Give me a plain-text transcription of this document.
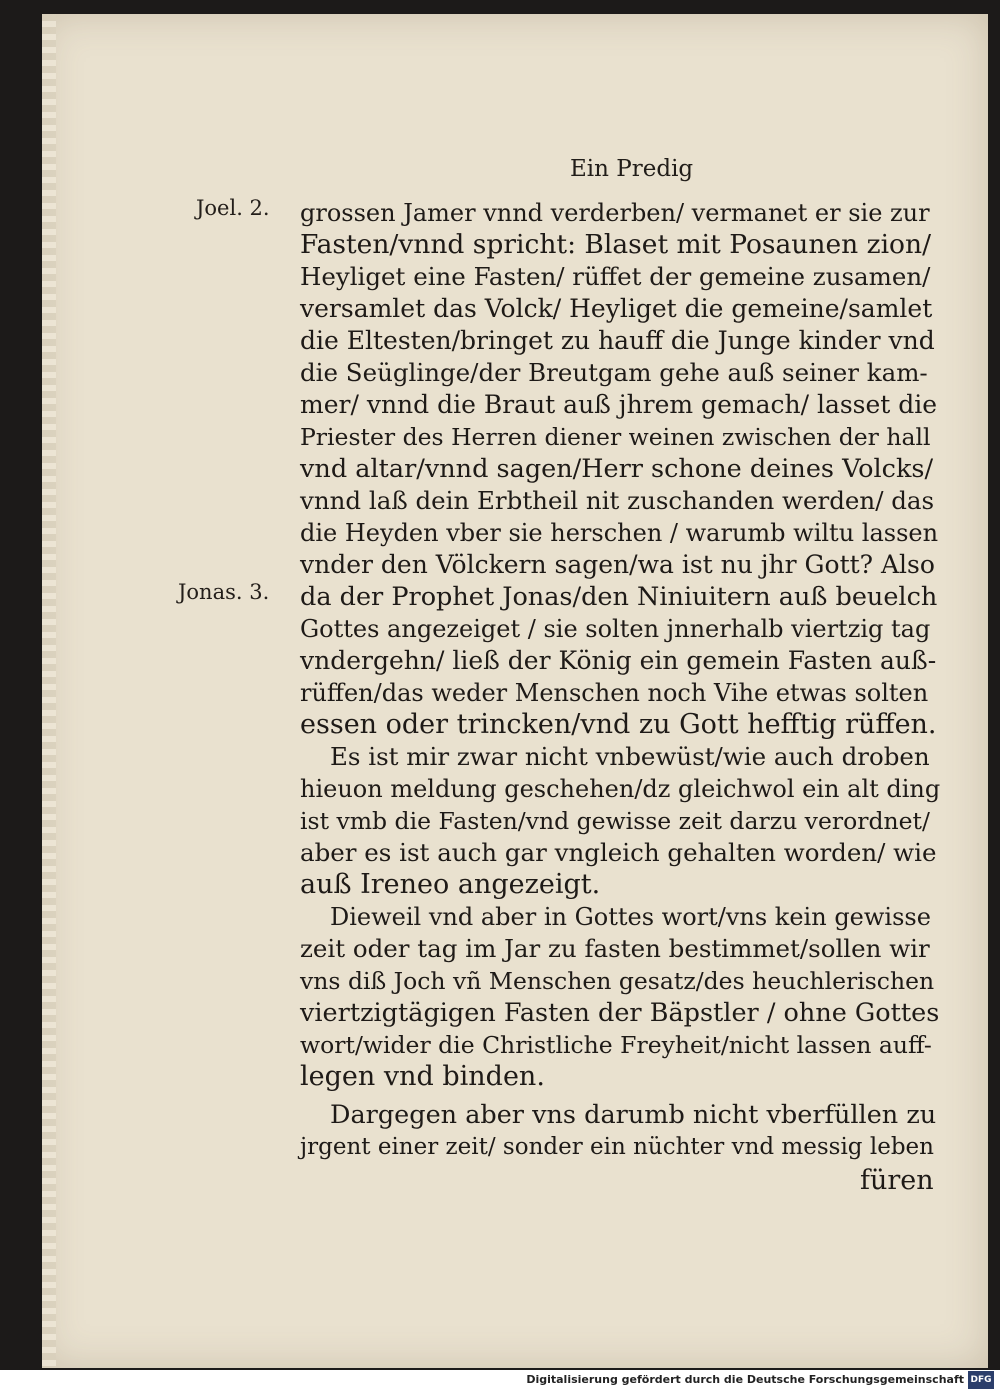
Ein Predig
Joel. 2.
Jonas. 3.
grossen Jamer vnnd verderben/ vermanet er sie zur
Fasten/vnnd spricht: Blaset mit Posaunen zion/
Heyliget eine Fasten/ rüffet der gemeine zusamen/
versamlet das Volck/ Heyliget die gemeine/samlet
die Eltesten/bringet zu hauff die Junge kinder vnd
die Seüglinge/der Breutgam gehe auß seiner kam-
mer/ vnnd die Braut auß jhrem gemach/ lasset die
Priester des Herren diener weinen zwischen der hall
vnd altar/vnnd sagen/Herr schone deines Volcks/
vnnd laß dein Erbtheil nit zuschanden werden/ das
die Heyden vber sie herschen / warumb wiltu lassen
vnder den Völckern sagen/wa ist nu jhr Gott? Also
da der Prophet Jonas/den Niniuitern auß beuelch
Gottes angezeiget / sie solten jnnerhalb viertzig tag
vndergehn/ ließ der König ein gemein Fasten auß-
rüffen/das weder Menschen noch Vihe etwas solten
essen oder trincken/vnd zu Gott hefftig rüffen.
Es ist mir zwar nicht vnbewüst/wie auch droben
hieuon meldung geschehen/dz gleichwol ein alt ding
ist vmb die Fasten/vnd gewisse zeit darzu verordnet/
aber es ist auch gar vngleich gehalten worden/ wie
auß Ireneo angezeigt.
Dieweil vnd aber in Gottes wort/vns kein gewisse
zeit oder tag im Jar zu fasten bestimmet/sollen wir
vns diß Joch vñ Menschen gesatz/des heuchlerischen
viertzigtägigen Fasten der Bäpstler / ohne Gottes
wort/wider die Christliche Freyheit/nicht lassen auff-
legen vnd binden.
Dargegen aber vns darumb nicht vberfüllen zu
jrgent einer zeit/ sonder ein nüchter vnd messig leben
füren
Digitalisierung gefördert durch die Deutsche Forschungsgemeinschaft DFG
